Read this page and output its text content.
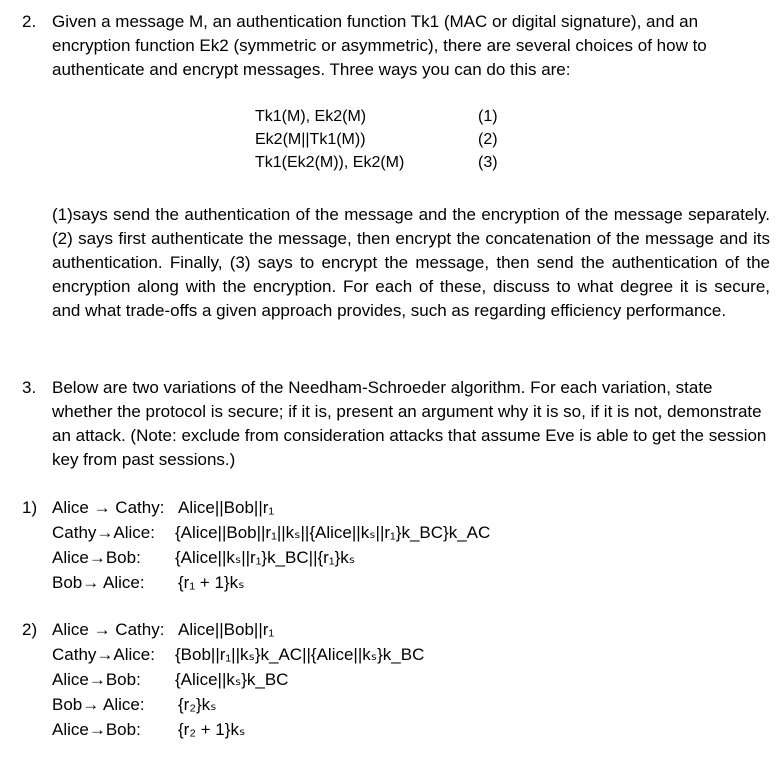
2. Given a message M, an authentication function Tk1 (MAC or digital signature), and an encryption function Ek2 (symmetric or asymmetric), there are several choices of how to authenticate and encrypt messages. Three ways you can do this are:
Tk1(M), Ek2(M)	(1)
Ek2(M||Tk1(M))	(2)
Tk1(Ek2(M)), Ek2(M)	(3)
(1)says send the authentication of the message and the encryption of the message separately. (2) says first authenticate the message, then encrypt the concatenation of the message and its authentication. Finally, (3) says to encrypt the message, then send the authentication of the encryption along with the encryption. For each of these, discuss to what degree it is secure, and what trade-offs a given approach provides, such as regarding efficiency performance.
3. Below are two variations of the Needham-Schroeder algorithm. For each variation, state whether the protocol is secure; if it is, present an argument why it is so, if it is not, demonstrate an attack. (Note: exclude from consideration attacks that assume Eve is able to get the session key from past sessions.)
1) Alice → Cathy: Alice||Bob||r₁
Cathy→Alice: {Alice||Bob||r₁||kₛ||{Alice||kₛ||r₁}k_BC}k_AC
Alice→Bob: {Alice||kₛ||r₁}k_BC||{r₁}kₛ
Bob→ Alice: {r₁ + 1}kₛ
2) Alice → Cathy: Alice||Bob||r₁
Cathy→Alice: {Bob||r₁||kₛ}k_AC||{Alice||kₛ}k_BC
Alice→Bob: {Alice||kₛ}k_BC
Bob→ Alice: {r₂}kₛ
Alice→Bob: {r₂ + 1}kₛ
